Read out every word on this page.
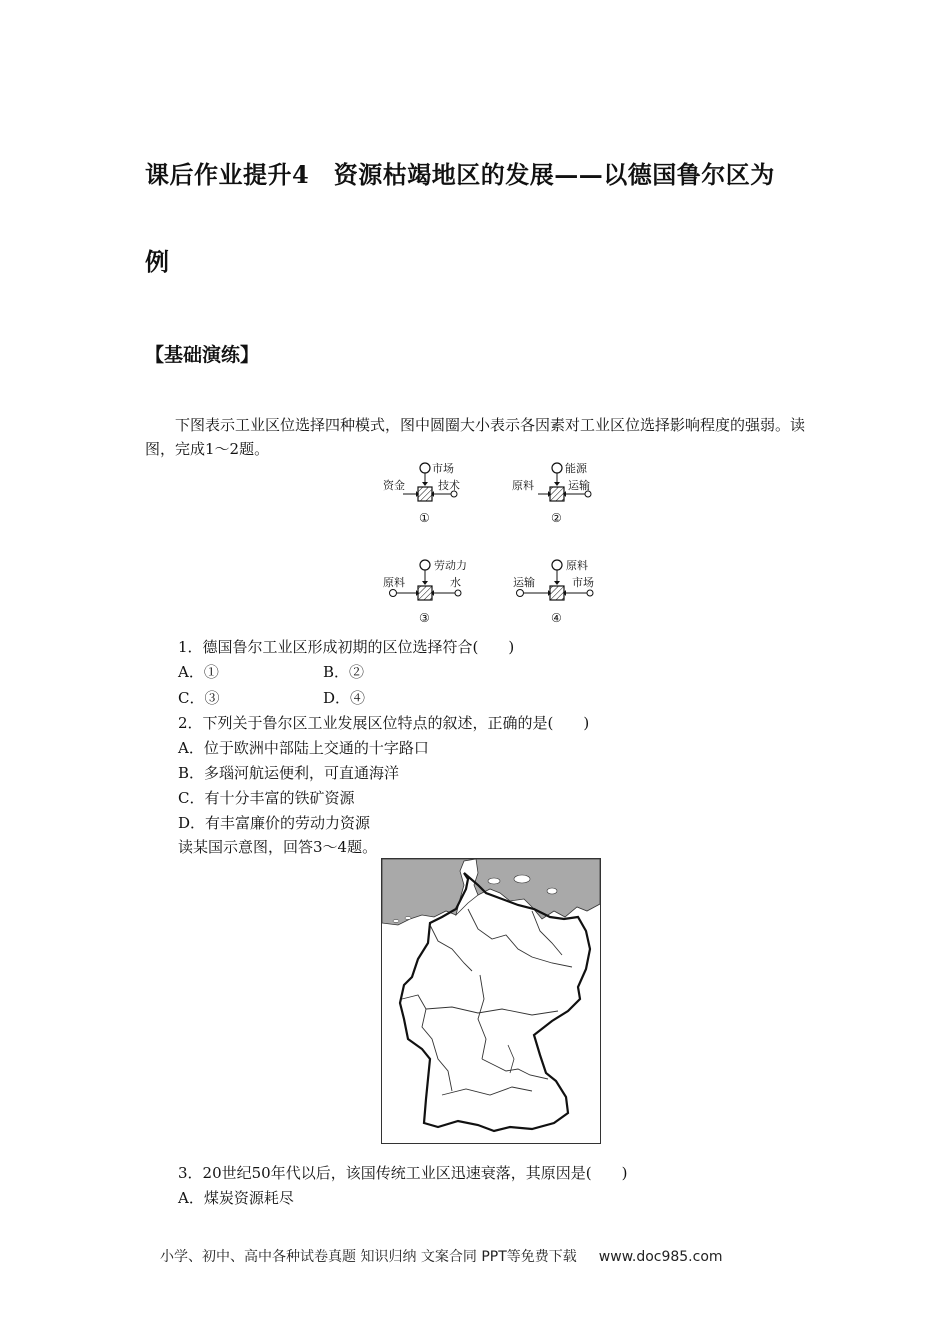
课后作业提升4　资源枯竭地区的发展——以德国鲁尔区为
例
【基础演练】
下图表示工业区位选择四种模式，图中圆圈大小表示各因素对工业区位选择影响程度的强弱。读图，完成1～2题。
市场
资金	技术
①
能源
原料	运输
②
劳动力
原料	水
③
原料
运输	市场
④
1．德国鲁尔工业区形成初期的区位选择符合(　　)
A．①	B．②
C．③	D．④
2．下列关于鲁尔区工业发展区位特点的叙述，正确的是(　　)
A．位于欧洲中部陆上交通的十字路口
B．多瑙河航运便利，可直通海洋
C．有十分丰富的铁矿资源
D．有丰富廉价的劳动力资源
读某国示意图，回答3～4题。
3．20世纪50年代以后，该国传统工业区迅速衰落，其原因是(　　)
A．煤炭资源耗尽
小学、初中、高中各种试卷真题 知识归纳 文案合同 PPT等免费下载 www.doc985.com
